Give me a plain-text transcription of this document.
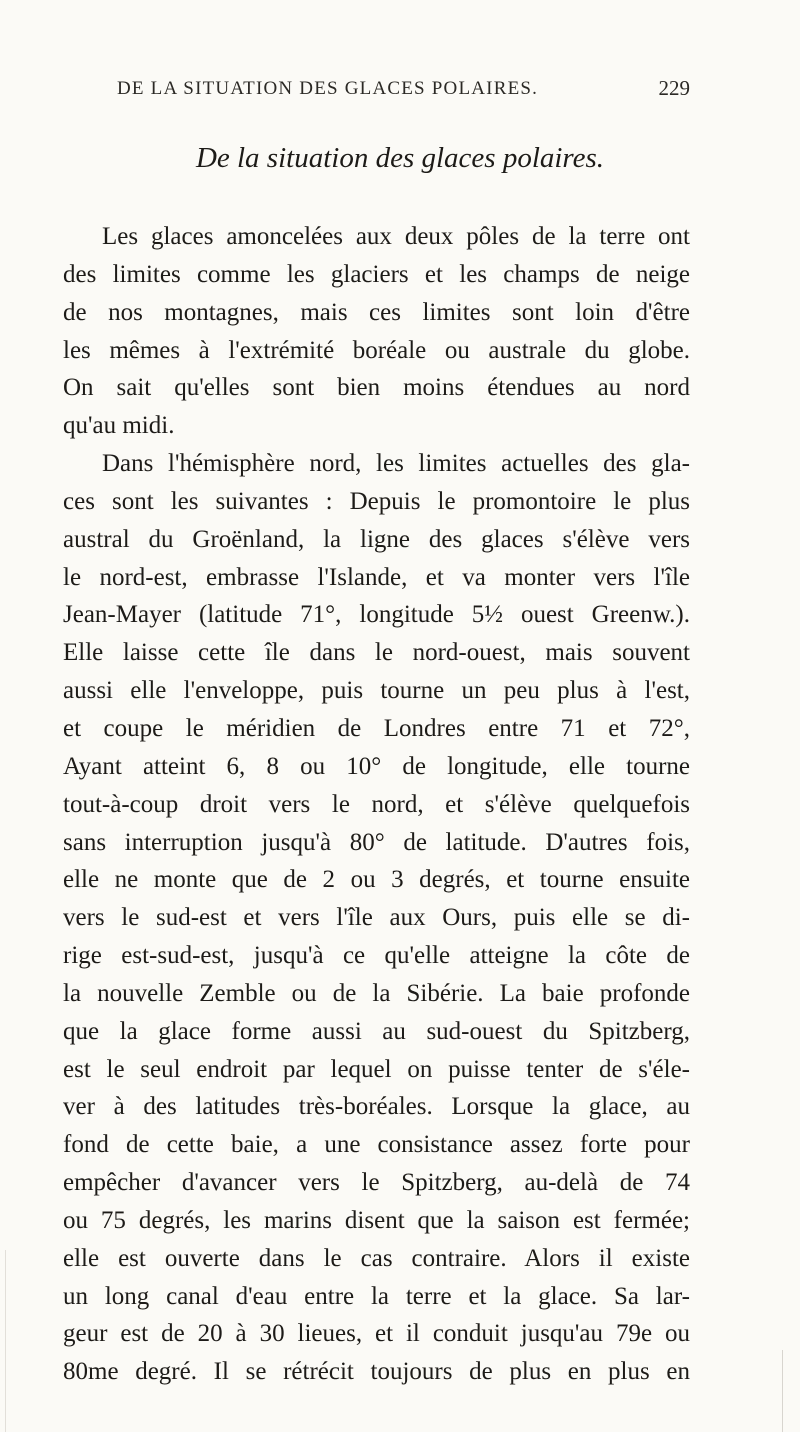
DE LA SITUATION DES GLACES POLAIRES.	229
De la situation des glaces polaires.
Les glaces amoncelées aux deux pôles de la terre ont
des limites comme les glaciers et les champs de neige
de nos montagnes, mais ces limites sont loin d'être
les mêmes à l'extrémité boréale ou australe du globe.
On sait qu'elles sont bien moins étendues au nord
qu'au midi.
Dans l'hémisphère nord, les limites actuelles des gla-
ces sont les suivantes : Depuis le promontoire le plus
austral du Groënland, la ligne des glaces s'élève vers
le nord-est, embrasse l'Islande, et va monter vers l'île
Jean-Mayer (latitude 71°, longitude 5½ ouest Greenw.).
Elle laisse cette île dans le nord-ouest, mais souvent
aussi elle l'enveloppe, puis tourne un peu plus à l'est,
et coupe le méridien de Londres entre 71 et 72°,
Ayant atteint 6, 8 ou 10° de longitude, elle tourne
tout-à-coup droit vers le nord, et s'élève quelquefois
sans interruption jusqu'à 80° de latitude. D'autres fois,
elle ne monte que de 2 ou 3 degrés, et tourne ensuite
vers le sud-est et vers l'île aux Ours, puis elle se di-
rige est-sud-est, jusqu'à ce qu'elle atteigne la côte de
la nouvelle Zemble ou de la Sibérie. La baie profonde
que la glace forme aussi au sud-ouest du Spitzberg,
est le seul endroit par lequel on puisse tenter de s'éle-
ver à des latitudes très-boréales. Lorsque la glace, au
fond de cette baie, a une consistance assez forte pour
empêcher d'avancer vers le Spitzberg, au-delà de 74
ou 75 degrés, les marins disent que la saison est fermée;
elle est ouverte dans le cas contraire. Alors il existe
un long canal d'eau entre la terre et la glace. Sa lar-
geur est de 20 à 30 lieues, et il conduit jusqu'au 79e ou
80me degré. Il se rétrécit toujours de plus en plus en
